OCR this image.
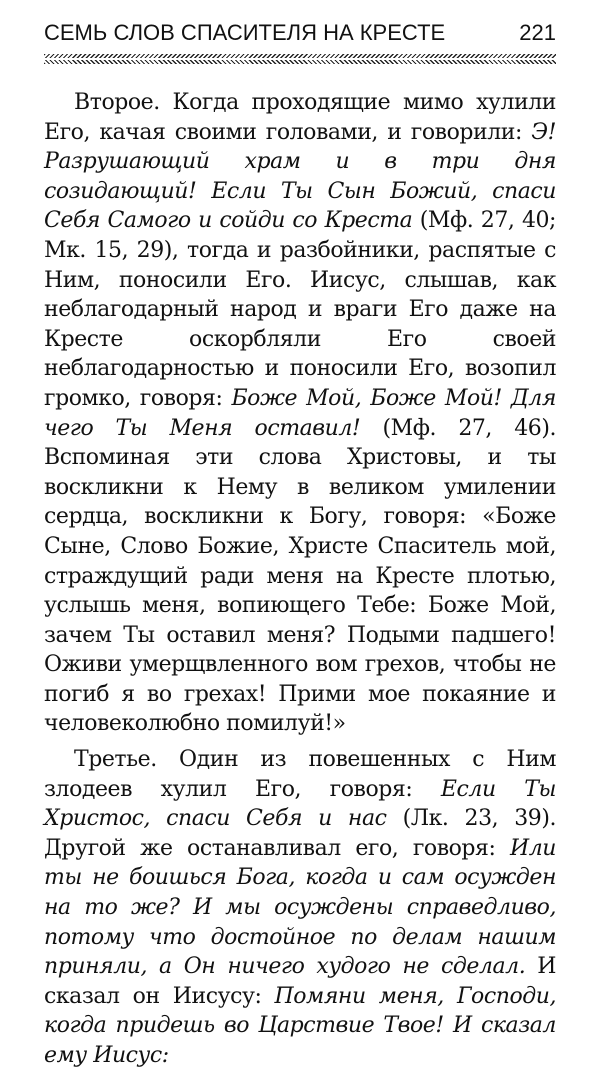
СЕМЬ СЛОВ СПАСИТЕЛЯ НА КРЕСТЕ	221

Второе. Когда проходящие мимо хулили Его, качая своими головами, и говорили: Э! Разрушающий храм и в три дня созидающий! Если Ты Сын Божий, спаси Себя Самого и сойди со Креста (Мф. 27, 40; Мк. 15, 29), тогда и разбойники, распятые с Ним, поносили Его. Иисус, слышав, как неблагодарный народ и враги Его даже на Кресте оскорбляли Его своей неблагодарностью и поносили Его, возопил громко, говоря: Боже Мой, Боже Мой! Для чего Ты Меня оставил! (Мф. 27, 46). Вспоминая эти слова Христовы, и ты воскликни к Нему в великом умилении сердца, воскликни к Богу, говоря: «Боже Сыне, Слово Божие, Христе Спаситель мой, страждущий ради меня на Кресте плотью, услышь меня, вопиющего Тебе: Боже Мой, зачем Ты оставил меня? Подыми падшего! Оживи умерщвленного вом грехов, чтобы не погиб я во грехах! Прими мое покаяние и человеколюбно помилуй!»

Третье. Один из повешенных с Ним злодеев хулил Его, говоря: Если Ты Христос, спаси Себя и нас (Лк. 23, 39). Другой же останавливал его, говоря: Или ты не боишься Бога, когда и сам осужден на то же? И мы осуждены справедливо, потому что достойное по делам нашим приняли, а Он ничего худого не сделал. И сказал он Иисусу: Помяни меня, Господи, когда придешь во Царствие Твое! И сказал ему Иисус:
